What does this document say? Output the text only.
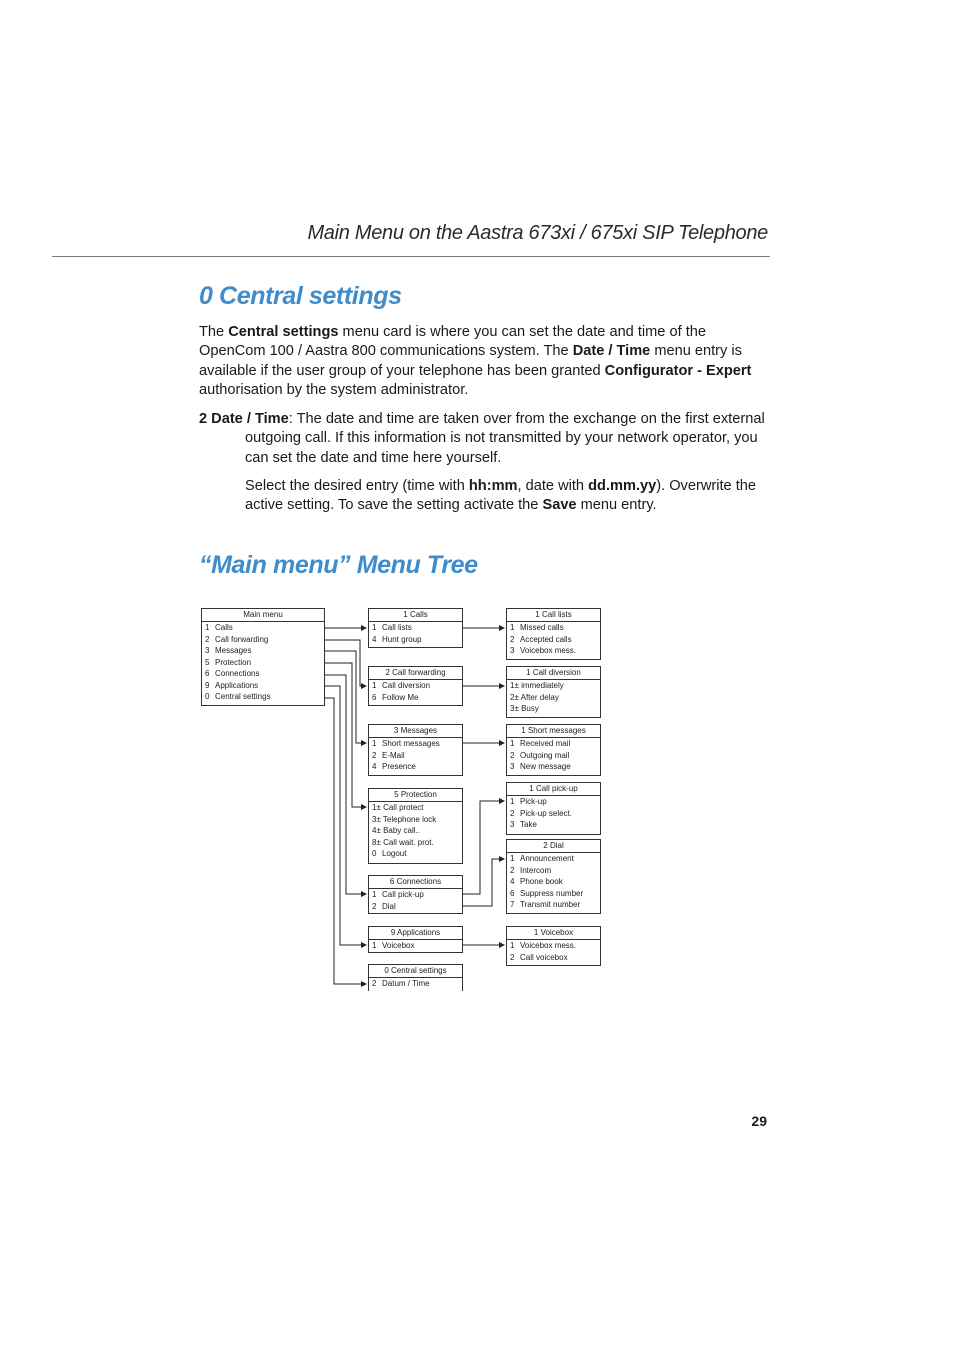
Main Menu on the Aastra 673xi / 675xi SIP Telephone
0 Central settings

The Central settings menu card is where you can set the date and time of the OpenCom 100 / Aastra 800 communications system. The Date / Time menu entry is available if the user group of your telephone has been granted Configurator - Expert authorisation by the system administrator.

2 Date / Time: The date and time are taken over from the exchange on the first external outgoing call. If this information is not transmitted by your network operator, you can set the date and time here yourself.

Select the desired entry (time with hh:mm, date with dd.mm.yy). Overwrite the active setting. To save the setting activate the Save menu entry.

“Main menu” Menu Tree
Main menu
1 Calls
2 Call forwarding
3 Messages
5 Protection
6 Connections
9 Applications
0 Central settings
1 Calls
1 Call lists
4 Hunt group
2 Call forwarding
1 Call diversion
6 Follow Me
3 Messages
1 Short messages
2 E-Mail
4 Presence
5 Protection
1± Call protect
3± Telephone lock
4± Baby call..
8± Call wait. prot.
0 Logout
6 Connections
1 Call pick-up
2 Dial
9 Applications
1 Voicebox
0 Central settings
2 Datum / Time
1 Call lists
1 Missed calls
2 Accepted calls
3 Voicebox mess.
1 Call diversion
1± immediately
2± After delay
3± Busy
1 Short messages
1 Received mail
2 Outgoing mail
3 New message
1 Call pick-up
1 Pick-up
2 Pick-up select.
3 Take
2 Dial
1 Announcement
2 Intercom
4 Phone book
6 Suppress number
7 Transmit number
1 Voicebox
1 Voicebox mess.
2 Call voicebox
29
